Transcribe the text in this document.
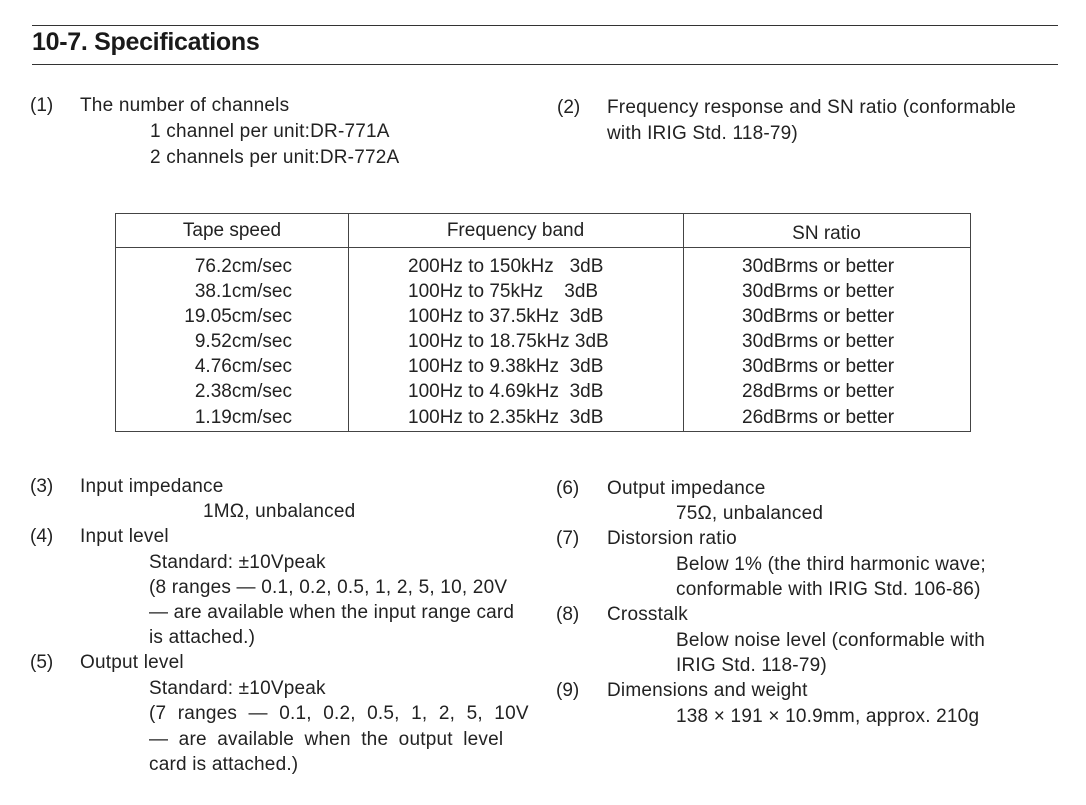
10-7. Specifications
(1) The number of channels
1 channel per unit:DR-771A
2 channels per unit:DR-772A
(2) Frequency response and SN ratio (conformable
with IRIG Std. 118-79)
Tape speed	Frequency band	SN ratio
76.2cm/sec
38.1cm/sec
19.05cm/sec
9.52cm/sec
4.76cm/sec
2.38cm/sec
1.19cm/sec
200Hz to 150kHz   3dB
100Hz to 75kHz    3dB
100Hz to 37.5kHz  3dB
100Hz to 18.75kHz 3dB
100Hz to 9.38kHz  3dB
100Hz to 4.69kHz  3dB
100Hz to 2.35kHz  3dB
30dBrms or better
30dBrms or better
30dBrms or better
30dBrms or better
30dBrms or better
28dBrms or better
26dBrms or better
(3) Input impedance
1MΩ, unbalanced
(4) Input level
Standard: ±10Vpeak
(8 ranges — 0.1, 0.2, 0.5, 1, 2, 5, 10, 20V
— are available when the input range card
is attached.)
(5) Output level
Standard: ±10Vpeak
(7 ranges — 0.1, 0.2, 0.5, 1, 2, 5, 10V
— are available when the output level
card is attached.)
(6) Output impedance
75Ω, unbalanced
(7) Distorsion ratio
Below 1% (the third harmonic wave;
conformable with IRIG Std. 106-86)
(8) Crosstalk
Below noise level (conformable with
IRIG Std. 118-79)
(9) Dimensions and weight
138 × 191 × 10.9mm, approx. 210g
